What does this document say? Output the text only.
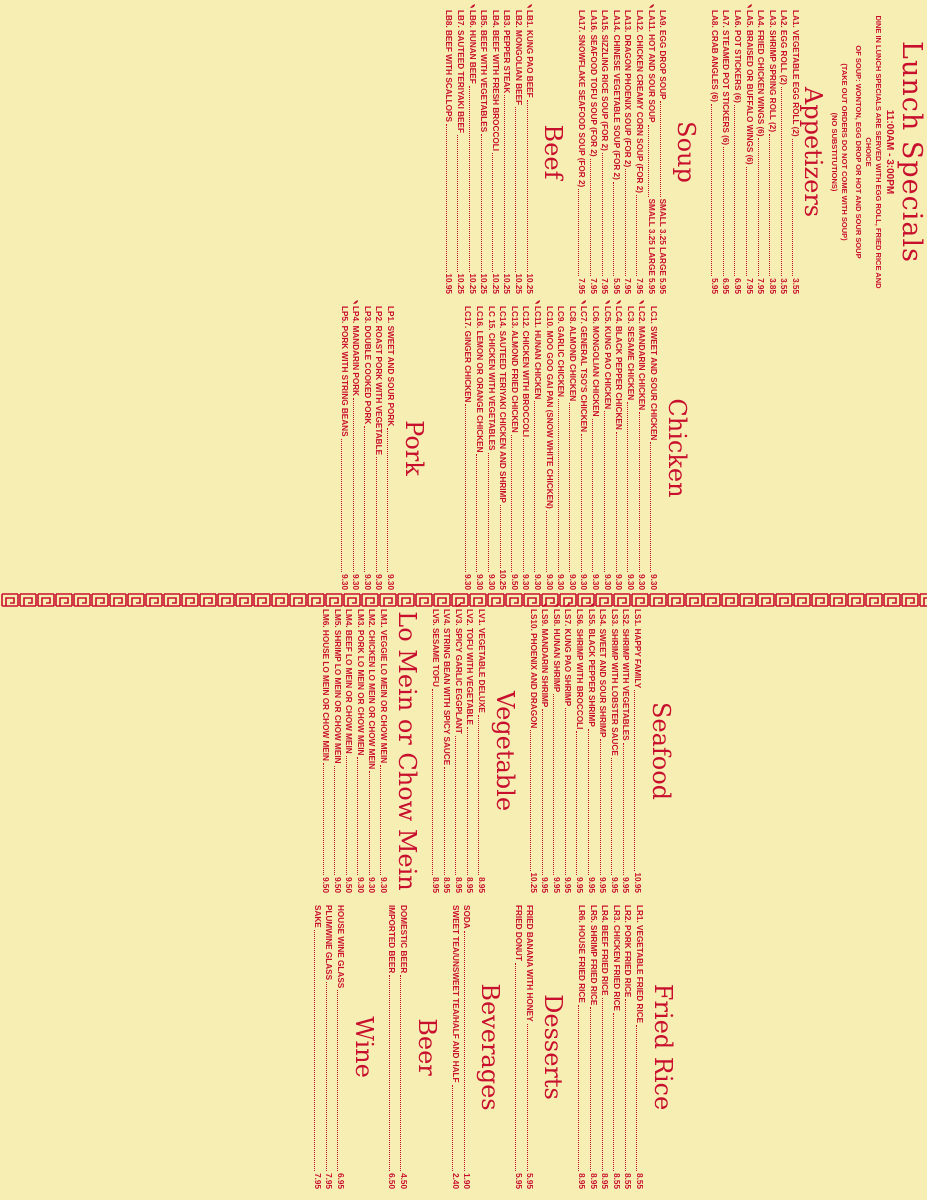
Lunch Specials
11:00AM - 3:00PM
DINE IN LUNCH SPECIALS ARE SERVED WITH EGG ROLL, FRIED RICE AND CHOICE
OF SOUP: WONTON, EGG DROP OR HOT AND SOUR SOUP
(TAKE OUT ORDERS DO NOT COME WITH SOUP)
(NO SUBSTITUTIONS)
Appetizers
LA1. VEGETABLE EGG ROLL (2)
3.55
LA2. EGG ROLL (2)
3.55
LA3. SHRIMP SPRING ROLL (2)
3.85
LA4. FRIED CHICKEN WINGS (6)
7.95
LA5. BRAISED OR BUFFALO WINGS (6)
7.95
LA6. POT STICKERS (6)
6.95
LA7. STEAMED POT STICKERS (6)
6.95
LA8. CRAB ANGLES (6)
5.95
Soup
LA9. EGG DROP SOUP
SMALL 3.25 LARGE 5.95
LA11. HOT AND SOUR SOUP
SMALL 3.25 LARGE 5.95
LA12. CHICKEN CREAMY CORN SOUP (FOR 2)
7.95
LA13. DRAGON PHOENIX SOUP (FOR 2)
7.95
LA14. CHINESE VEGETABLE SOUP (FOR 2)
5.95
LA15. SIZZLING RICE SOUP (FOR 2)
7.95
LA16. SEAFOOD TOFU SOUP (FOR 2)
7.95
LA17. SNOWFLAKE SEAFOOD SOUP (FOR 2)
7.95
Beef
LB1. KUNG PAO BEEF
10.25
LB2. MONGOLIAN BEEF
10.25
LB3. PEPPER STEAK
10.25
LB4. BEEF WITH FRESH BROCCOLI
10.25
LB5. BEEF WITH VEGETABLES
10.25
LB6. HUNAN BEEF
10.25
LB7. SAUTEED TERIYAKI BEEF
10.25
LB8. BEEF WITH SCALLOPS
10.95
Chicken
LC1. SWEET AND SOUR CHICKEN
9.30
LC2. MANDARIN CHICKEN
9.30
LC3. SESAME CHICKEN
9.30
LC4. BLACK PEPPER CHICKEN
9.30
LC5. KUNG PAO CHICKEN
9.30
LC6. MONGOLIAN CHICKEN
9.30
LC7. GENERAL TSO'S CHICKEN
9.30
LC8. ALMOND CHICKEN
9.30
LC9. GARLIC CHICKEN
9.30
LC10. MOO GOO GAI PAN (SNOW WHITE CHICKEN)
9.30
LC11. HUNAN CHICKEN
9.30
LC12. CHICKEN WITH BROCCOLI
9.30
LC13. ALMOND FRIED CHICKEN
9.50
LC14. SAUTEED TERIYAKI CHICKEN AND SHRIMP
10.25
LC 15. CHICKEN WITH VEGETABLES
9.30
LC16. LEMON OR ORANGE CHICKEN
9.30
LC17. GINGER CHICKEN
9.30
Pork
LP1. SWEET AND SOUR PORK
9.30
LP2. ROAST PORK WITH VEGETABLE
9.30
LP3. DOUBLE COOKED PORK
9.30
LP4. MANDARIN PORK
9.30
LP5. PORK WITH STRING BEANS
9.30
Seafood
LS1. HAPPY FAMILY
10.95
LS2. SHRIMP WITH VEGETABLES
9.95
LS3. SHRIMP WITH LOBSTER SAUCE
9.95
LS4. SWEET AND SOUR SHRIMP
9.95
LS5. BLACK PEPPER SHRIMP
9.95
LS6. SHRIMP WITH BROCCOLI
9.95
LS7. KUNG PAO SHRIMP
9.95
LS8. HUNAN SHRIMP
9.95
LS9. MANDARIN SHRIMP
9.95
LS10. PHOENIX AND DRAGON
10.25
Vegetable
LV1. VEGETABLE DELUXE
8.95
LV2. TOFU WITH VEGETABLE
8.95
LV3. SPICY GARLIC EGGPLANT
8.95
LV4. STRING BEAN WITH SPICY SAUCE
8.95
LV5. SESAME TOFU
8.95
Lo Mein or Chow Mein
LM1. VEGGIE LO MEIN OR CHOW MEIN
9.30
LM2. CHICKEN LO MEIN OR CHOW MEIN
9.30
LM3. PORK LO MEIN OR CHOW MEIN
9.30
LM4. BEEF LO MEIN OR CHOW MEIN
9.50
LM5. SHRIMP LO MEIN OR CHOW MEIN
9.50
LM6. HOUSE LO MEIN OR CHOW MEIN
9.50
Fried Rice
LR1. VEGETABLE FRIED RICE
8.55
LR2. PORK FRIED RICE
8.55
LR3. CHICKEN FRIED RICE
8.55
LR4. BEEF FRIED RICE
8.95
LR5. SHRIMP FRIED RICE
8.95
LR6. HOUSE FRIED RICE
8.95
Desserts
FRIED BANANA WITH HONEY
5.95
FRIED DONUT
5.95
Beverages
SODA
1.90
SWEET TEA/UNSWEET TEA/HALF AND HALF
2.40
Beer
DOMESTIC BEER
4.50
IMPORTED BEER
6.50
Wine
HOUSE WINE GLASS
6.95
PLUMWINE GLASS
7.95
SAKE
7.95
